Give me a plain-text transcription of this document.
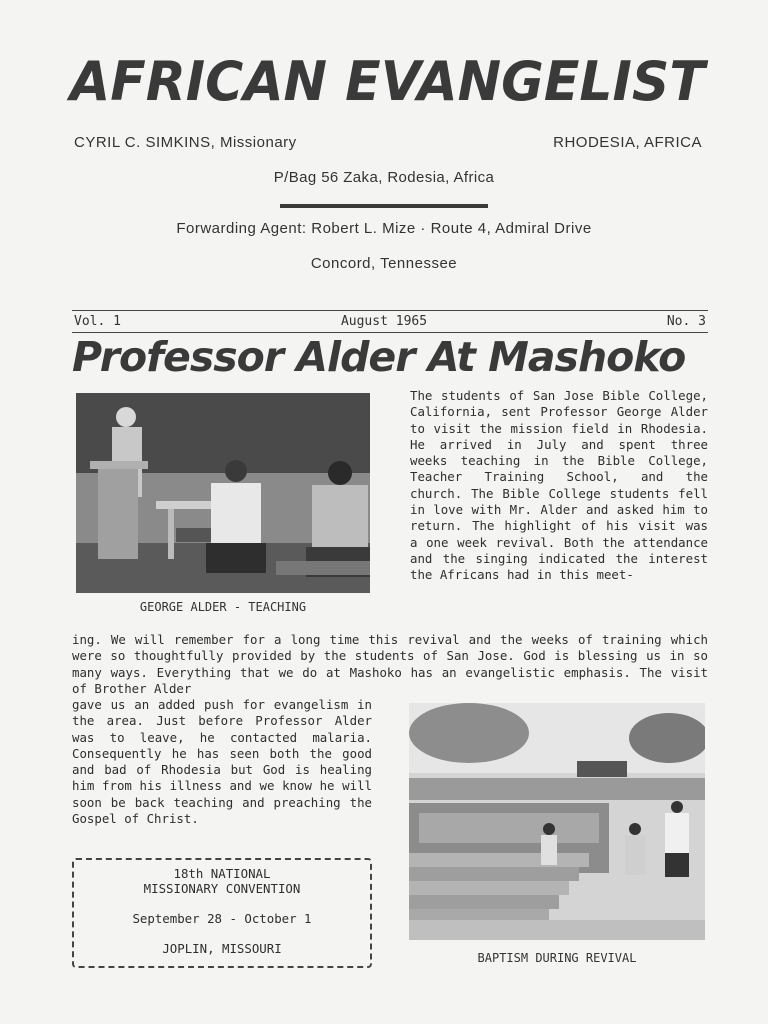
AFRICAN EVANGELIST
CYRIL C. SIMKINS, Missionary	RHODESIA, AFRICA
P/Bag 56 Zaka, Rodesia, Africa
Forwarding Agent: Robert L. Mize · Route 4, Admiral Drive
Concord, Tennessee
Vol. 1	August 1965	No. 3
Professor Alder At Mashoko
GEORGE ALDER - TEACHING

The students of San Jose Bible College, California, sent Professor George Alder to visit the mission field in Rhodesia. He arrived in July and spent three weeks teaching in the Bible College, Teacher Training School, and the church. The Bible College students fell in love with Mr. Alder and asked him to return. The highlight of his visit was a one week revival. Both the attendance and the singing indicated the interest the Africans had in this meet-

ing. We will remember for a long time this revival and the weeks of training which were so thoughtfully provided by the students of San Jose. God is blessing us in so many ways. Everything that we do at Mashoko has an evangelistic emphasis. The visit of Brother Alder

gave us an added push for evangelism in the area. Just before Professor Alder was to leave, he contacted malaria. Consequently he has seen both the good and bad of Rhodesia but God is healing him from his illness and we know he will soon be back teaching and preaching the Gospel of Christ.

BAPTISM DURING REVIVAL
18th NATIONAL
MISSIONARY CONVENTION
September 28 - October 1
JOPLIN, MISSOURI
